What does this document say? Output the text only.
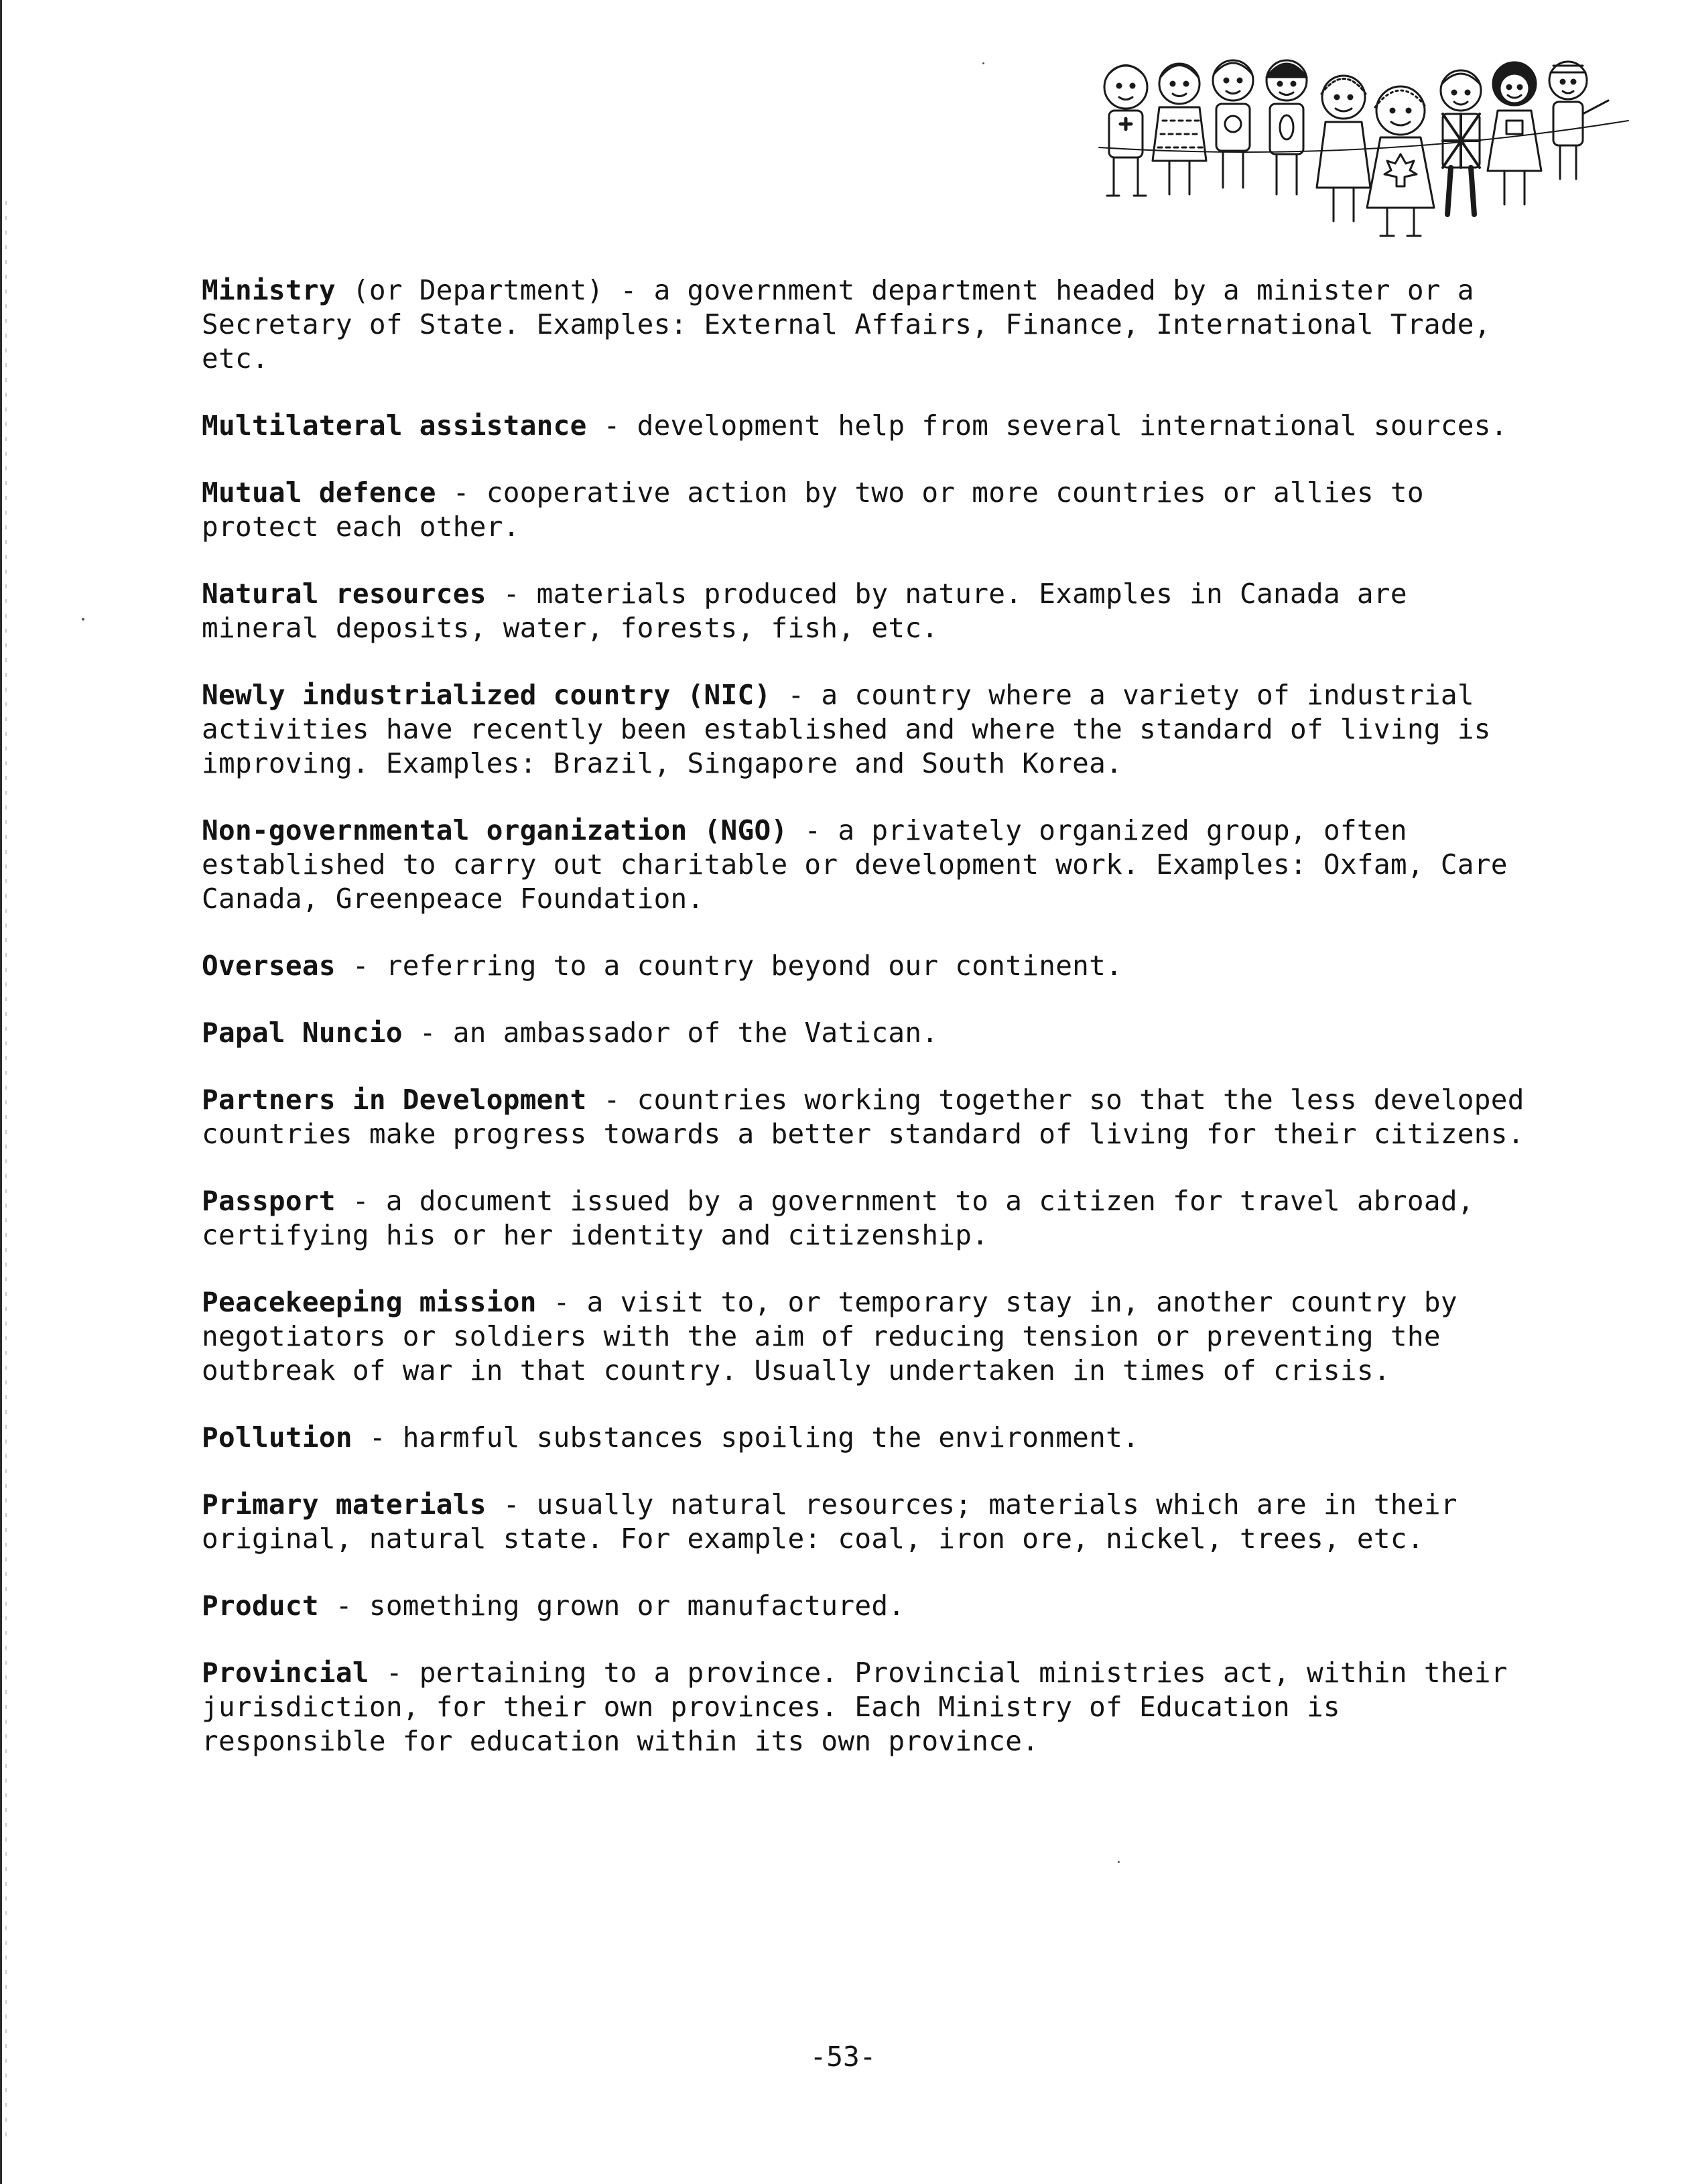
Ministry (or Department) - a government department headed by a minister or a
Secretary of State. Examples: External Affairs, Finance, International Trade,
etc.

Multilateral assistance - development help from several international sources.

Mutual defence - cooperative action by two or more countries or allies to
protect each other.

Natural resources - materials produced by nature. Examples in Canada are
mineral deposits, water, forests, fish, etc.

Newly industrialized country (NIC) - a country where a variety of industrial
activities have recently been established and where the standard of living is
improving. Examples: Brazil, Singapore and South Korea.

Non-governmental organization (NGO) - a privately organized group, often
established to carry out charitable or development work. Examples: Oxfam, Care
Canada, Greenpeace Foundation.

Overseas - referring to a country beyond our continent.

Papal Nuncio - an ambassador of the Vatican.

Partners in Development - countries working together so that the less developed
countries make progress towards a better standard of living for their citizens.

Passport - a document issued by a government to a citizen for travel abroad,
certifying his or her identity and citizenship.

Peacekeeping mission - a visit to, or temporary stay in, another country by
negotiators or soldiers with the aim of reducing tension or preventing the
outbreak of war in that country. Usually undertaken in times of crisis.

Pollution - harmful substances spoiling the environment.

Primary materials - usually natural resources; materials which are in their
original, natural state. For example: coal, iron ore, nickel, trees, etc.

Product - something grown or manufactured.

Provincial - pertaining to a province. Provincial ministries act, within their
jurisdiction, for their own provinces. Each Ministry of Education is
responsible for education within its own province.

-53-
